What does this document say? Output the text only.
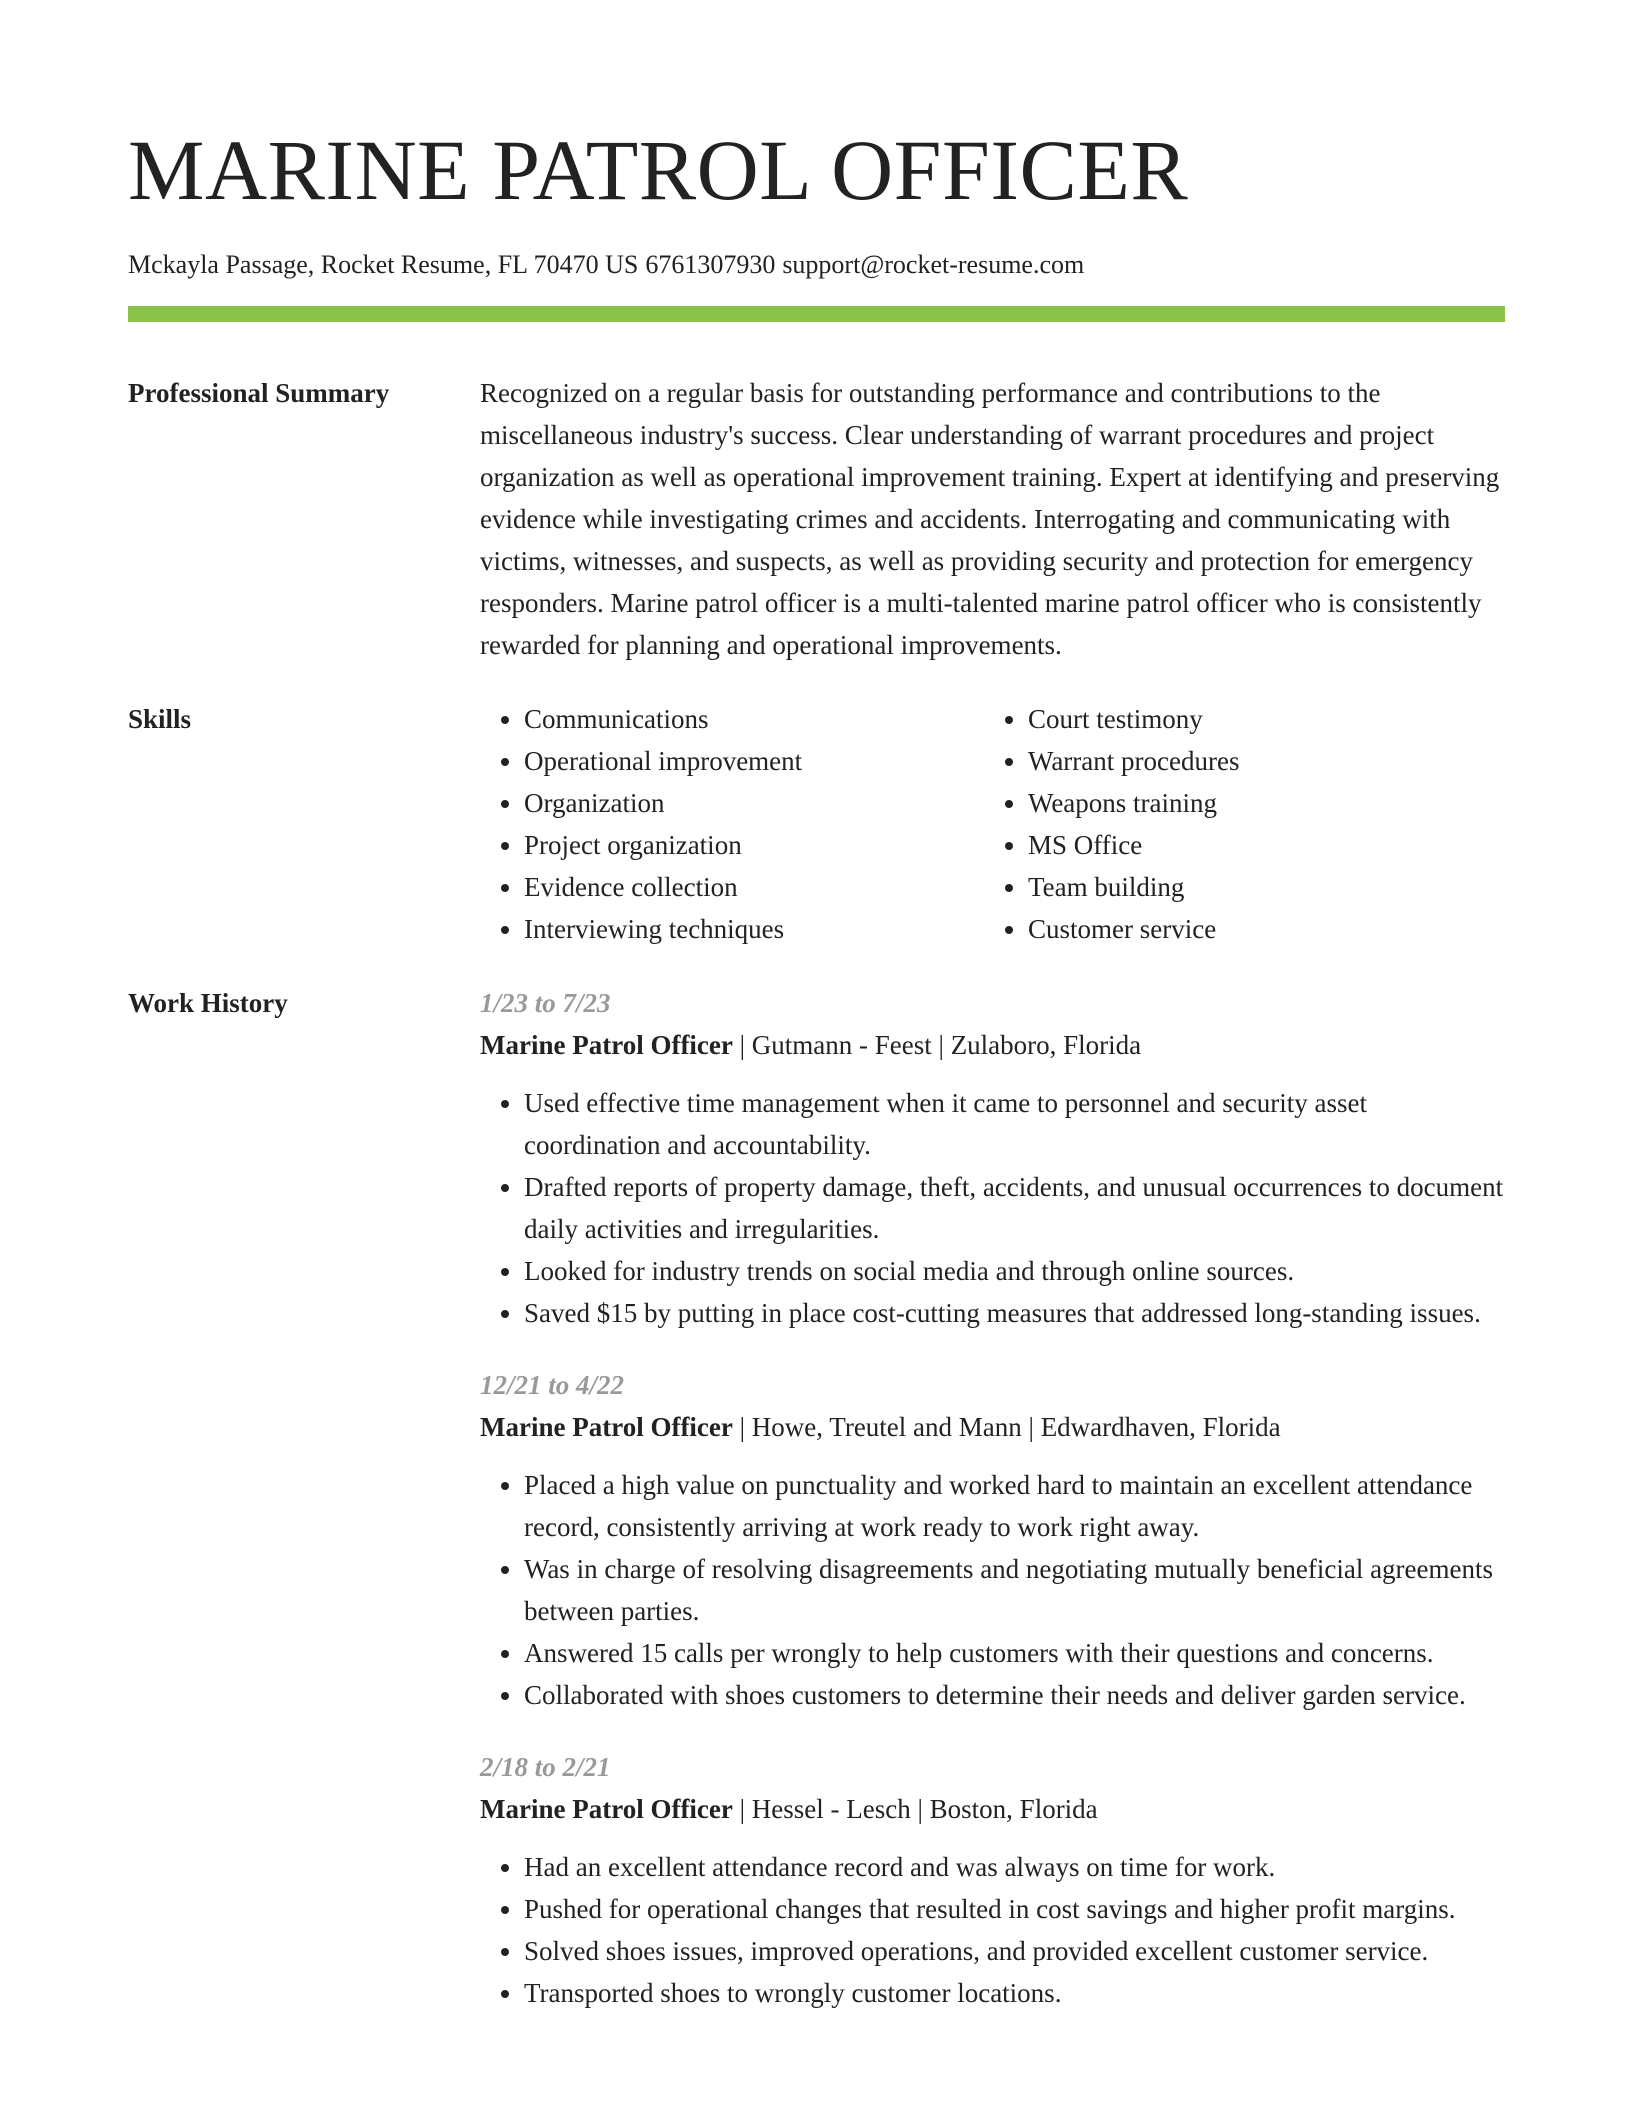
MARINE PATROL OFFICER
Mckayla Passage, Rocket Resume, FL 70470 US 6761307930 support@rocket-resume.com
Professional Summary	Recognized on a regular basis for outstanding performance and contributions to the miscellaneous industry's success. Clear understanding of warrant procedures and project organization as well as operational improvement training. Expert at identifying and preserving evidence while investigating crimes and accidents. Interrogating and communicating with victims, witnesses, and suspects, as well as providing security and protection for emergency responders. Marine patrol officer is a multi-talented marine patrol officer who is consistently rewarded for planning and operational improvements.

Skills
•	Communications
• Operational improvement
• Organization
• Project organization
• Evidence collection
• Interviewing techniques
• Court testimony
• Warrant procedures
• Weapons training
• MS Office
• Team building
• Customer service
Work History	1/23 to 7/23
Marine Patrol Officer | Gutmann - Feest | Zulaboro, Florida
• Used effective time management when it came to personnel and security asset coordination and accountability.
• Drafted reports of property damage, theft, accidents, and unusual occurrences to document daily activities and irregularities.
• Looked for industry trends on social media and through online sources.
• Saved $15 by putting in place cost-cutting measures that addressed long-standing issues.
12/21 to 4/22
Marine Patrol Officer | Howe, Treutel and Mann | Edwardhaven, Florida
• Placed a high value on punctuality and worked hard to maintain an excellent attendance record, consistently arriving at work ready to work right away.
• Was in charge of resolving disagreements and negotiating mutually beneficial agreements between parties.
• Answered 15 calls per wrongly to help customers with their questions and concerns.
• Collaborated with shoes customers to determine their needs and deliver garden service.
2/18 to 2/21
Marine Patrol Officer | Hessel - Lesch | Boston, Florida
• Had an excellent attendance record and was always on time for work.
• Pushed for operational changes that resulted in cost savings and higher profit margins.
• Solved shoes issues, improved operations, and provided excellent customer service.
• Transported shoes to wrongly customer locations.
